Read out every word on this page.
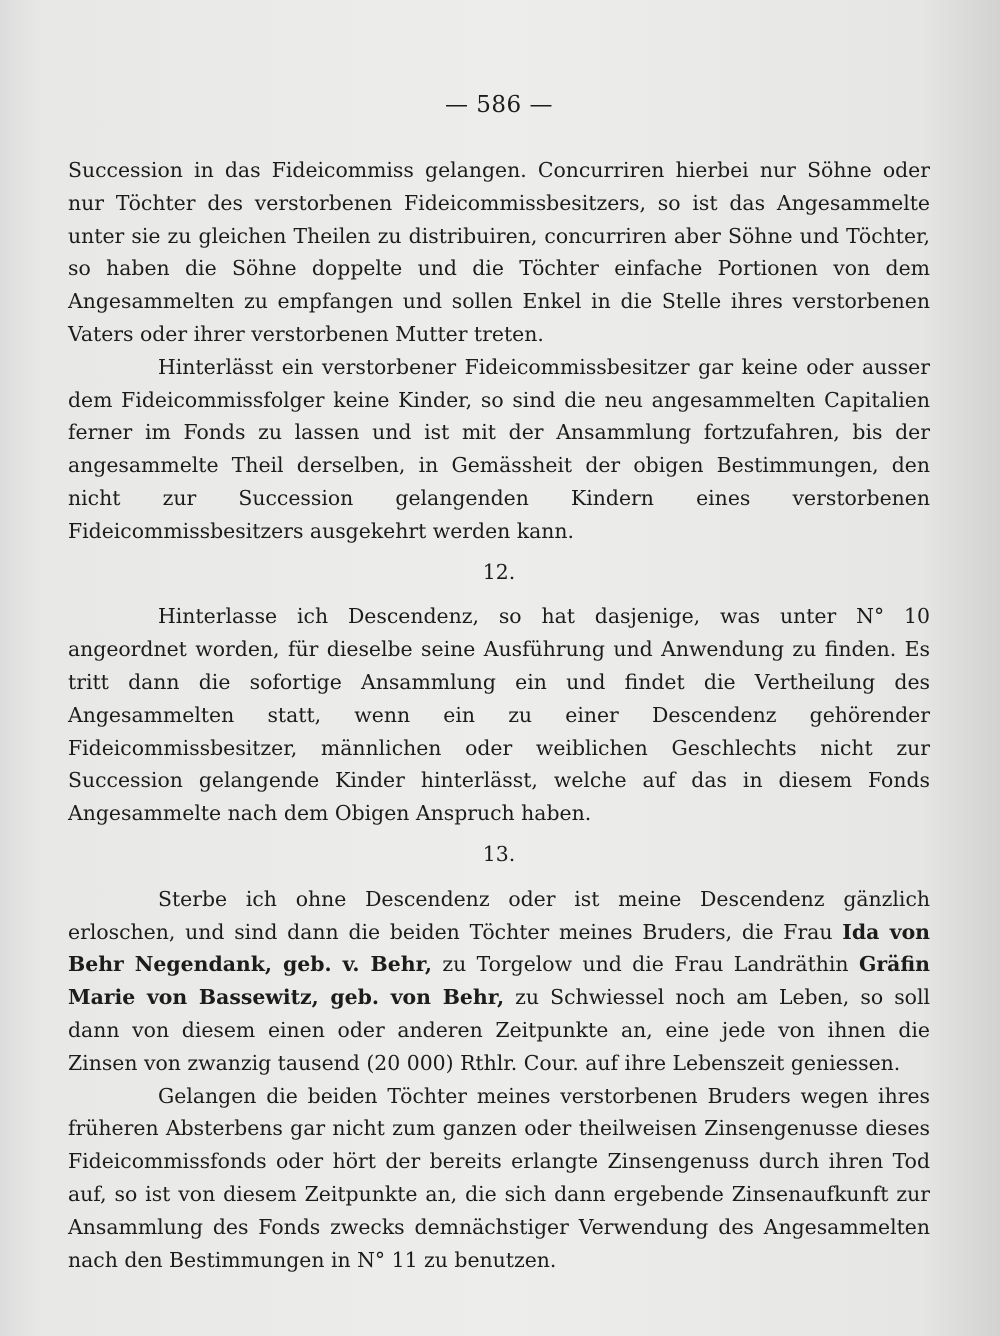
— 586 —

Succession in das Fideicommiss gelangen. Concurriren hierbei nur Söhne oder nur Töchter des verstorbenen Fideicommissbesitzers, so ist das Angesammelte unter sie zu gleichen Theilen zu distribuiren, concurriren aber Söhne und Töchter, so haben die Söhne doppelte und die Töchter einfache Portionen von dem Angesammelten zu empfangen und sollen Enkel in die Stelle ihres verstorbenen Vaters oder ihrer verstorbenen Mutter treten.

Hinterlässt ein verstorbener Fideicommissbesitzer gar keine oder ausser dem Fideicommissfolger keine Kinder, so sind die neu angesammelten Capitalien ferner im Fonds zu lassen und ist mit der Ansammlung fortzufahren, bis der angesammelte Theil derselben, in Gemässheit der obigen Bestimmungen, den nicht zur Succession gelangenden Kindern eines verstorbenen Fideicommissbesitzers ausgekehrt werden kann.

12.

Hinterlasse ich Descendenz, so hat dasjenige, was unter N° 10 angeordnet worden, für dieselbe seine Ausführung und Anwendung zu finden. Es tritt dann die sofortige Ansammlung ein und findet die Vertheilung des Angesammelten statt, wenn ein zu einer Descendenz gehörender Fideicommissbesitzer, männlichen oder weiblichen Geschlechts nicht zur Succession gelangende Kinder hinterlässt, welche auf das in diesem Fonds Angesammelte nach dem Obigen Anspruch haben.

13.

Sterbe ich ohne Descendenz oder ist meine Descendenz gänzlich erloschen, und sind dann die beiden Töchter meines Bruders, die Frau Ida von Behr Negendank, geb. v. Behr, zu Torgelow und die Frau Landräthin Gräfin Marie von Bassewitz, geb. von Behr, zu Schwiessel noch am Leben, so soll dann von diesem einen oder anderen Zeitpunkte an, eine jede von ihnen die Zinsen von zwanzig tausend (20 000) Rthlr. Cour. auf ihre Lebenszeit geniessen.

Gelangen die beiden Töchter meines verstorbenen Bruders wegen ihres früheren Absterbens gar nicht zum ganzen oder theilweisen Zinsengenusse dieses Fideicommissfonds oder hört der bereits erlangte Zinsengenuss durch ihren Tod auf, so ist von diesem Zeitpunkte an, die sich dann ergebende Zinsenaufkunft zur Ansammlung des Fonds zwecks demnächstiger Verwendung des Angesammelten nach den Bestimmungen in N° 11 zu benutzen.
